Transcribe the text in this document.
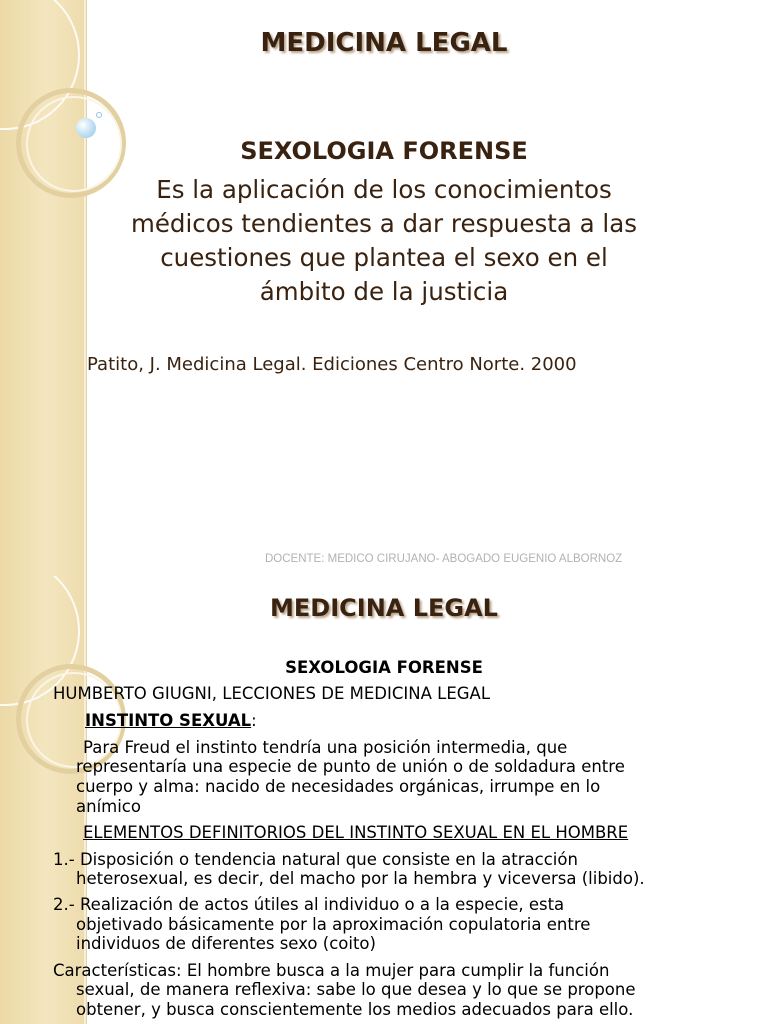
MEDICINA LEGAL
SEXOLOGIA FORENSE
Es la aplicación de los conocimientos
médicos tendientes a dar respuesta a las
cuestiones que plantea el sexo en el
ámbito de la justicia
Patito, J. Medicina Legal. Ediciones Centro Norte. 2000
DOCENTE: MEDICO CIRUJANO- ABOGADO EUGENIO ALBORNOZ
MEDICINA LEGAL
SEXOLOGIA FORENSE
HUMBERTO GIUGNI, LECCIONES DE MEDICINA LEGAL
INSTINTO SEXUAL:
Para Freud el instinto tendría una posición intermedia, que
representaría una especie de punto de unión o de soldadura entre
cuerpo y alma: nacido de necesidades orgánicas, irrumpe en lo
anímico
ELEMENTOS DEFINITORIOS DEL INSTINTO SEXUAL EN EL HOMBRE
1.- Disposición o tendencia natural que consiste en la atracción
heterosexual, es decir, del macho por la hembra y viceversa (libido).
2.- Realización de actos útiles al individuo o a la especie, esta
objetivado básicamente por la aproximación copulatoria entre
individuos de diferentes sexo (coito)
Características: El hombre busca a la mujer para cumplir la función
sexual, de manera reflexiva: sabe lo que desea y lo que se propone
obtener, y busca conscientemente los medios adecuados para ello.
